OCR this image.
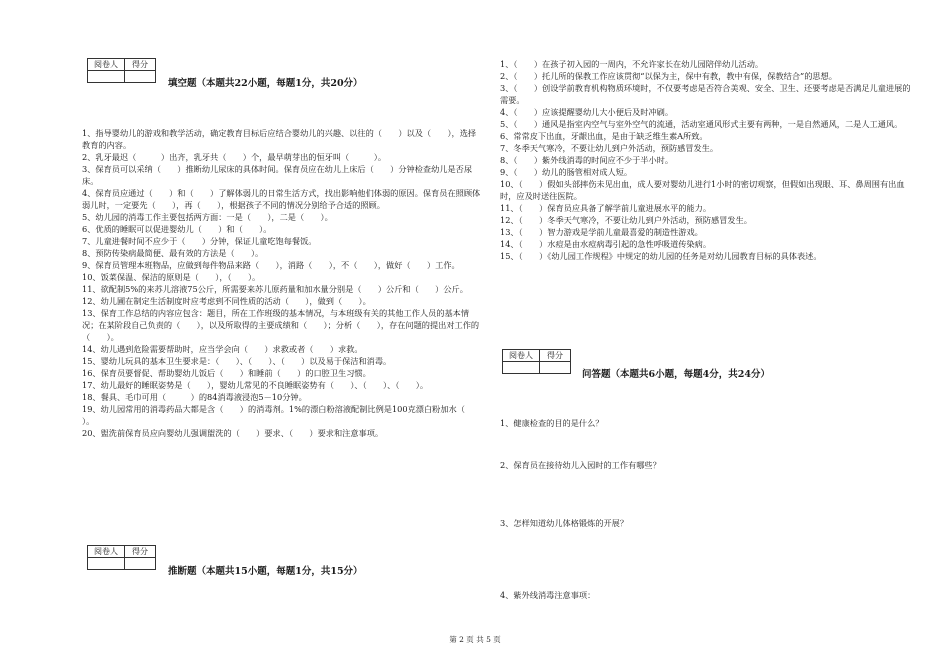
阅卷人	得分

填空题（本题共22小题，每题1分，共20分）

1、指导婴幼儿的游戏和教学活动，确定教育目标后应结合婴幼儿的兴趣、以往的（　　）以及（　　），选择教育的内容。

2、乳牙最迟（　　　）出齐，乳牙共（　　）个，最早萌芽出的恒牙叫（　　　）。

3、保育员可以采纳（　　）推断幼儿尿床的具体时间。保育员应在幼儿上床后（　　）分钟检查幼儿是否尿床。

4、保育员应通过（　　）和（　　）了解体弱儿的日常生活方式，找出影响他们体弱的原因。保育员在照顾体弱儿时，一定要先（　　），再（　　），根据孩子不同的情况分别给予合适的照顾。

5、幼儿园的消毒工作主要包括两方面：一是（　　），二是（　　）。

6、优质的睡眠可以促进婴幼儿（　　）和（　　）。

7、儿童进餐时间不应少于（　　）分钟，保证儿童吃饱每餐饭。

8、预防传染病最简便、最有效的方法是（　　）。

9、保育员管理本班物品，应做到每件物品来路（　　），消路（　　），不（　　），做好（　　）工作。

10、饭菜保温、保洁的原则是（　　），（　　）。

11、欲配制5%的来苏儿溶液75公斤，所需要来苏儿原药量和加水量分别是（　　）公斤和（　　）公斤。

12、幼儿圃在制定生活制度时应考虑到不同性质的活动（　　），做到（　　）。

13、保育工作总结的内容应包含：题目，所在工作班级的基本情况，与本班级有关的其他工作人员的基本情况；在某阶段自己负责的（　　），以及所取得的主要成绩和（　　）；分析（　　），存在问题的提出对工作的（　　）。

14、幼儿遇到危险需要帮助时，应当学会向（　　）求救或者（　　）求救。

15、婴幼儿玩具的基本卫生要求是：（　　）、（　　）、（　　）以及易于保洁和消毒。

16、保育员要督促、帮助婴幼儿饭后（　　）和睡前（　　）的口腔卫生习惯。

17、幼儿最好的睡眠姿势是（　　），婴幼儿常见的不良睡眠姿势有（　　）、（　　）、（　　）。

18、餐具、毛巾可用（　　　）的84消毒液浸泡5－10分钟。

19、幼儿园常用的消毒药品大都是含（　　）的消毒剂。1%的漂白粉溶液配制比例是100克漂白粉加水（　　）。

20、盥洗前保育员应向婴幼儿强调盥洗的（　　）要求、（　　）要求和注意事项。

阅卷人	得分

推断题（本题共15小题，每题1分，共15分）

1、（　　）在孩子初入园的一周内，不允许家长在幼儿园陪伴幼儿活动。

2、（　　）托儿所的保教工作应该贯彻“以保为主，保中有教，教中有保，保教结合”的思想。

3、（　　）创设学前教育机构物质环境时，不仅要考虑是否符合美观、安全、卫生、还要考虑是否满足儿童进展的需要。

4、（　　）应该提醒婴幼儿大小便后及时冲刷。

5、（　　）通风是指室内空气与室外空气的流通，活动室通风形式主要有两种，一是自然通风，二是人工通风。

6、常常皮下出血，牙龈出血，是由于缺乏维生素A所致。

7、冬季天气寒冷，不要让幼儿到户外活动，预防感冒发生。

8、（　　）紫外线消毒的时间应不少于半小时。

9、（　　）幼儿的肠管相对成人短。

10、（　　）假如头部摔伤未见出血，成人要对婴幼儿进行1小时的密切观察，但假如出现眼、耳、鼻周围有出血时，应及时送往医院。

11、（　　）保育员应具备了解学前儿童进展水平的能力。

12、（　　）冬季天气寒冷，不要让幼儿到户外活动，预防感冒发生。

13、（　　）智力游戏是学前儿童最喜爱的制造性游戏。

14、（　　）水痘是由水痘病毒引起的急性呼吸道传染病。

15、（　　）《幼儿园工作规程》中规定的幼儿园的任务是对幼儿园教育目标的具体表述。

阅卷人	得分

问答题（本题共6小题，每题4分，共24分）

1、健康检查的目的是什么？

2、保育员在接待幼儿入园时的工作有哪些？

3、怎样知道幼儿体格锻炼的开展？

4、紫外线消毒注意事项：

第 2 页 共 5 页
